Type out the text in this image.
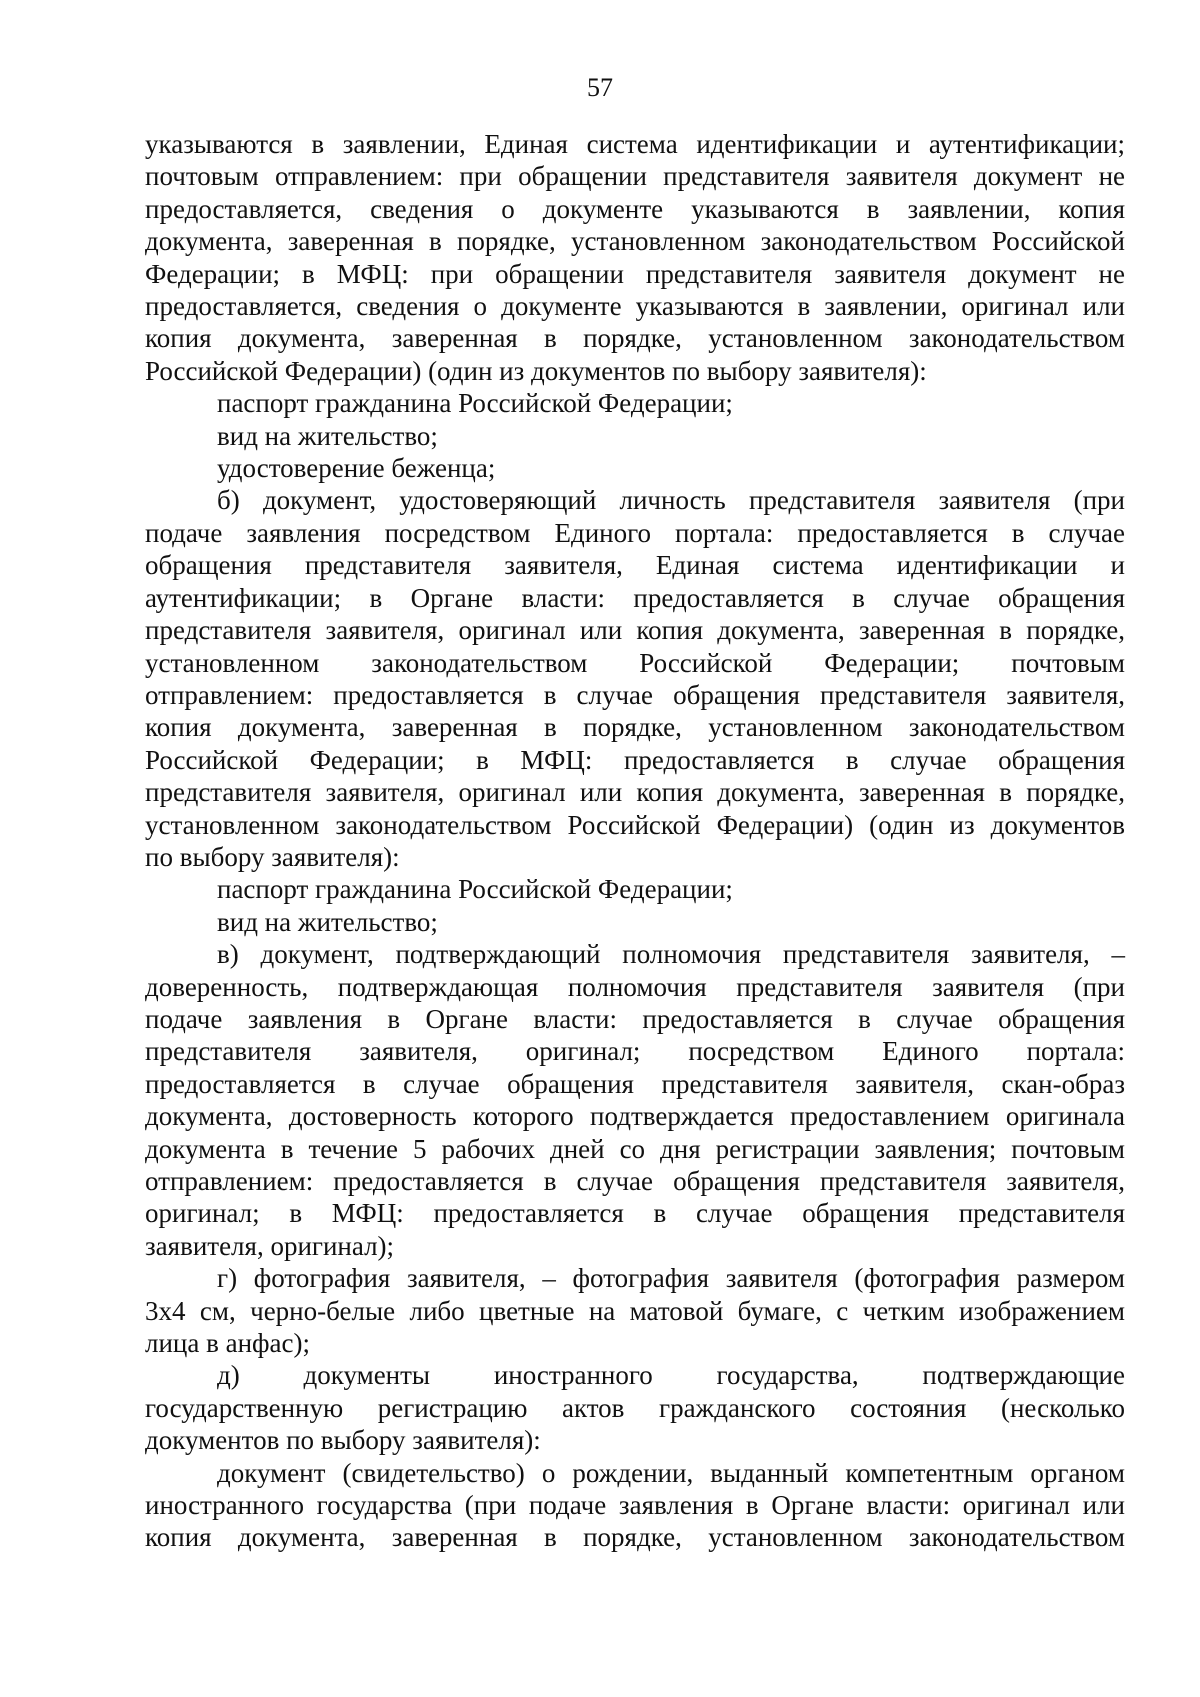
57
указываются в заявлении, Единая система идентификации и аутентификации;
почтовым отправлением: при обращении представителя заявителя документ не
предоставляется, сведения о документе указываются в заявлении, копия
документа, заверенная в порядке, установленном законодательством Российской
Федерации; в МФЦ: при обращении представителя заявителя документ не
предоставляется, сведения о документе указываются в заявлении, оригинал или
копия документа, заверенная в порядке, установленном законодательством
Российской Федерации) (один из документов по выбору заявителя):
паспорт гражданина Российской Федерации;
вид на жительство;
удостоверение беженца;
б) документ, удостоверяющий личность представителя заявителя (при
подаче заявления посредством Единого портала: предоставляется в случае
обращения представителя заявителя, Единая система идентификации и
аутентификации; в Органе власти: предоставляется в случае обращения
представителя заявителя, оригинал или копия документа, заверенная в порядке,
установленном законодательством Российской Федерации; почтовым
отправлением: предоставляется в случае обращения представителя заявителя,
копия документа, заверенная в порядке, установленном законодательством
Российской Федерации; в МФЦ: предоставляется в случае обращения
представителя заявителя, оригинал или копия документа, заверенная в порядке,
установленном законодательством Российской Федерации) (один из документов
по выбору заявителя):
паспорт гражданина Российской Федерации;
вид на жительство;
в) документ, подтверждающий полномочия представителя заявителя, –
доверенность, подтверждающая полномочия представителя заявителя (при
подаче заявления в Органе власти: предоставляется в случае обращения
представителя заявителя, оригинал; посредством Единого портала:
предоставляется в случае обращения представителя заявителя, скан-образ
документа, достоверность которого подтверждается предоставлением оригинала
документа в течение 5 рабочих дней со дня регистрации заявления; почтовым
отправлением: предоставляется в случае обращения представителя заявителя,
оригинал; в МФЦ: предоставляется в случае обращения представителя
заявителя, оригинал);
г) фотография заявителя, – фотография заявителя (фотография размером
3x4 см, черно-белые либо цветные на матовой бумаге, с четким изображением
лица в анфас);
д) документы иностранного государства, подтверждающие
государственную регистрацию актов гражданского состояния (несколько
документов по выбору заявителя):
документ (свидетельство) о рождении, выданный компетентным органом
иностранного государства (при подаче заявления в Органе власти: оригинал или
копия документа, заверенная в порядке, установленном законодательством
